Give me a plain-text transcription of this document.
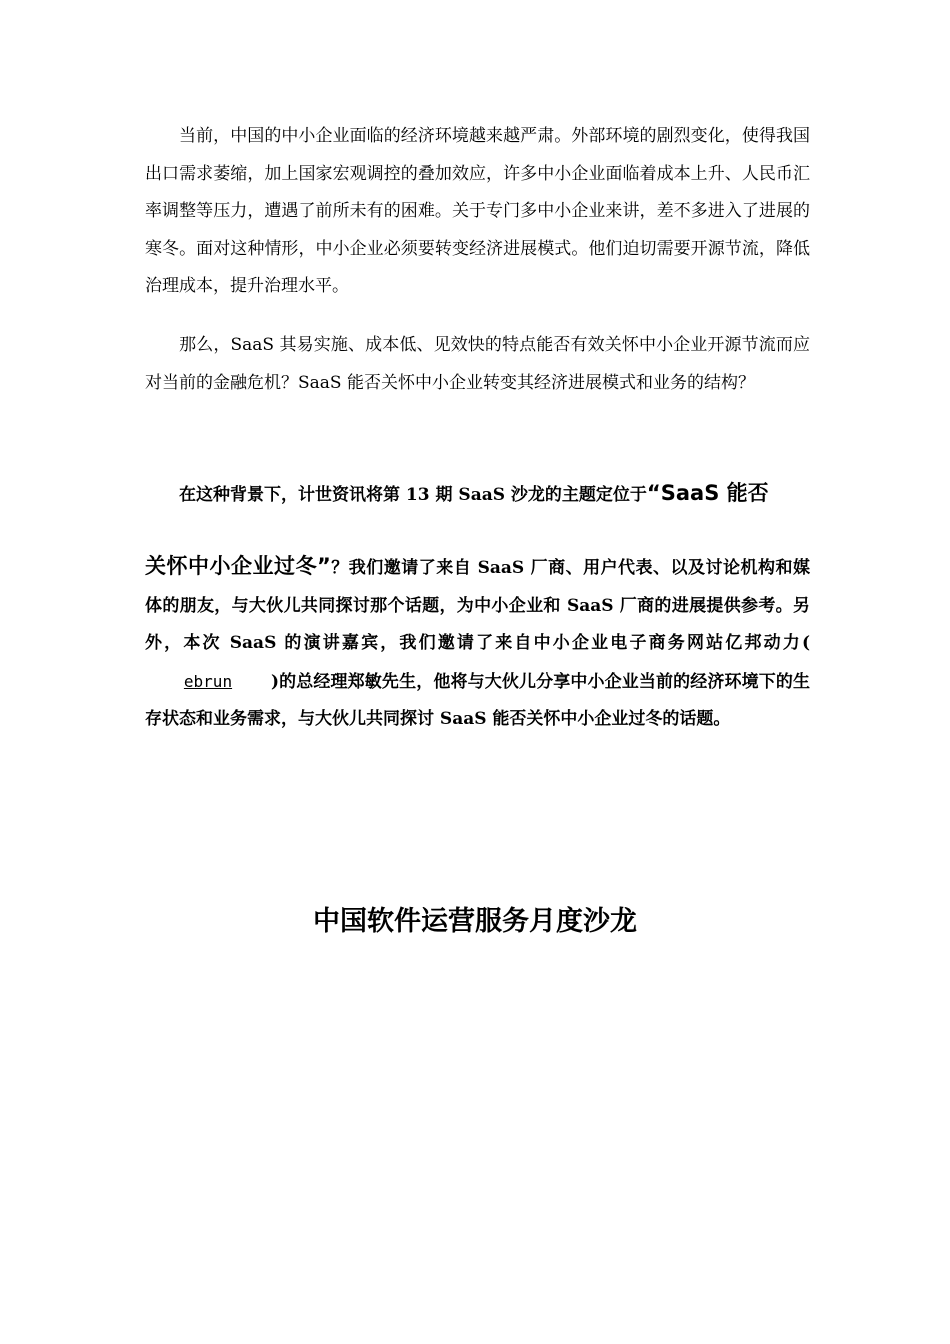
当前，中国的中小企业面临的经济环境越来越严肃。外部环境的剧烈变化，使得我国出口需求萎缩，加上国家宏观调控的叠加效应，许多中小企业面临着成本上升、人民币汇率调整等压力，遭遇了前所未有的困难。关于专门多中小企业来讲，差不多进入了进展的寒冬。面对这种情形，中小企业必须要转变经济进展模式。他们迫切需要开源节流，降低治理成本，提升治理水平。

那么，SaaS 其易实施、成本低、见效快的特点能否有效关怀中小企业开源节流而应对当前的金融危机？SaaS 能否关怀中小企业转变其经济进展模式和业务的结构？

在这种背景下，计世资讯将第 13 期 SaaS 沙龙的主题定位于“SaaS 能否
关怀中小企业过冬”？我们邀请了来自 SaaS 厂商、用户代表、以及讨论机构和媒体的朋友，与大伙儿共同探讨那个话题，为中小企业和 SaaS 厂商的进展提供参考。另外，本次 SaaS 的演讲嘉宾，我们邀请了来自中小企业电子商务网站亿邦动力(ebrun )的总经理郑敏先生，他将与大伙儿分享中小企业当前的经济环境下的生存状态和业务需求，与大伙儿共同探讨 SaaS 能否关怀中小企业过冬的话题。

中国软件运营服务月度沙龙
